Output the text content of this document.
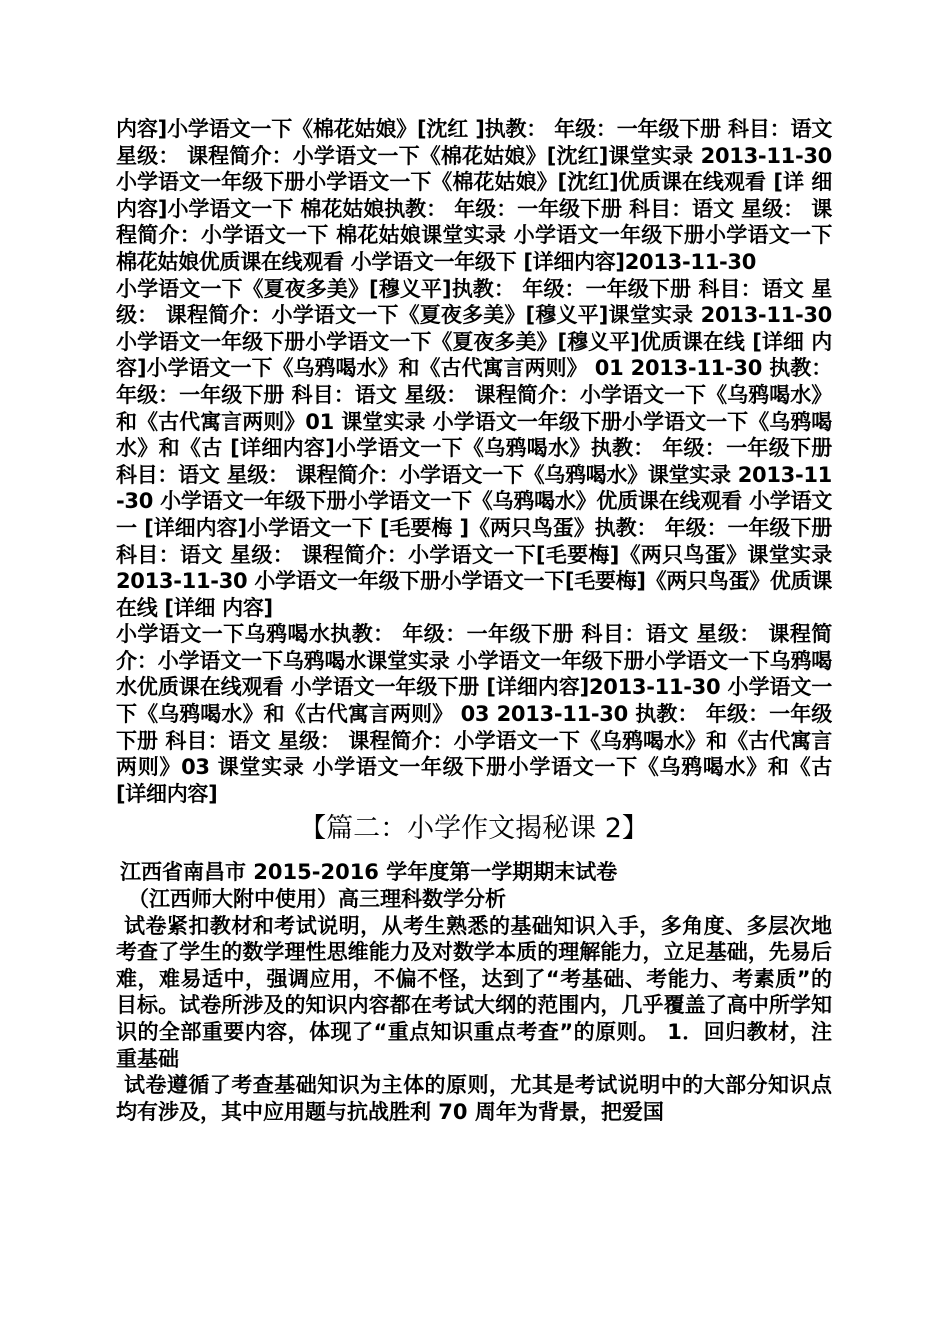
内容]小学语文一下《棉花姑娘》[沈红 ]执教： 年级：一年级下册 科目：语文 星级： 课程简介：小学语文一下《棉花姑娘》[沈红]课堂实录 2013-11-30 小学语文一年级下册小学语文一下《棉花姑娘》[沈红]优质课在线观看 [详 细内容]小学语文一下 棉花姑娘执教： 年级：一年级下册 科目：语文 星级： 课程简介：小学语文一下 棉花姑娘课堂实录 小学语文一年级下册小学语文一下 棉花姑娘优质课在线观看 小学语文一年级下 [详细内容]2013-11-30

小学语文一下《夏夜多美》[穆义平]执教： 年级：一年级下册 科目：语文 星级： 课程简介：小学语文一下《夏夜多美》[穆义平]课堂实录 2013-11-30 小学语文一年级下册小学语文一下《夏夜多美》[穆义平]优质课在线 [详细 内容]小学语文一下《乌鸦喝水》和《古代寓言两则》 01 2013-11-30 执教： 年级：一年级下册 科目：语文 星级： 课程简介：小学语文一下《乌鸦喝水》和《古代寓言两则》01 课堂实录 小学语文一年级下册小学语文一下《乌鸦喝水》和《古 [详细内容]小学语文一下《乌鸦喝水》执教： 年级：一年级下册 科目：语文 星级： 课程简介：小学语文一下《乌鸦喝水》课堂实录 2013-11-30 小学语文一年级下册小学语文一下《乌鸦喝水》优质课在线观看 小学语文一 [详细内容]小学语文一下 [毛要梅 ]《两只鸟蛋》执教： 年级：一年级下册 科目：语文 星级： 课程简介：小学语文一下[毛要梅]《两只鸟蛋》课堂实录 2013-11-30 小学语文一年级下册小学语文一下[毛要梅]《两只鸟蛋》优质课在线 [详细 内容]

小学语文一下乌鸦喝水执教： 年级：一年级下册 科目：语文 星级： 课程简介：小学语文一下乌鸦喝水课堂实录 小学语文一年级下册小学语文一下乌鸦喝水优质课在线观看 小学语文一年级下册 [详细内容]2013-11-30 小学语文一下《乌鸦喝水》和《古代寓言两则》 03 2013-11-30 执教： 年级：一年级下册 科目：语文 星级： 课程简介：小学语文一下《乌鸦喝水》和《古代寓言两则》03 课堂实录 小学语文一年级下册小学语文一下《乌鸦喝水》和《古 [详细内容]

【篇二：小学作文揭秘课 2】

江西省南昌市 2015-2016 学年度第一学期期末试卷

（江西师大附中使用）高三理科数学分析

试卷紧扣教材和考试说明，从考生熟悉的基础知识入手，多角度、多层次地考查了学生的数学理性思维能力及对数学本质的理解能力，立足基础，先易后难，难易适中，强调应用，不偏不怪，达到了“考基础、考能力、考素质”的目标。试卷所涉及的知识内容都在考试大纲的范围内，几乎覆盖了高中所学知识的全部重要内容，体现了“重点知识重点考查”的原则。 1．回归教材，注重基础

试卷遵循了考查基础知识为主体的原则，尤其是考试说明中的大部分知识点均有涉及，其中应用题与抗战胜利 70 周年为背景，把爱国
